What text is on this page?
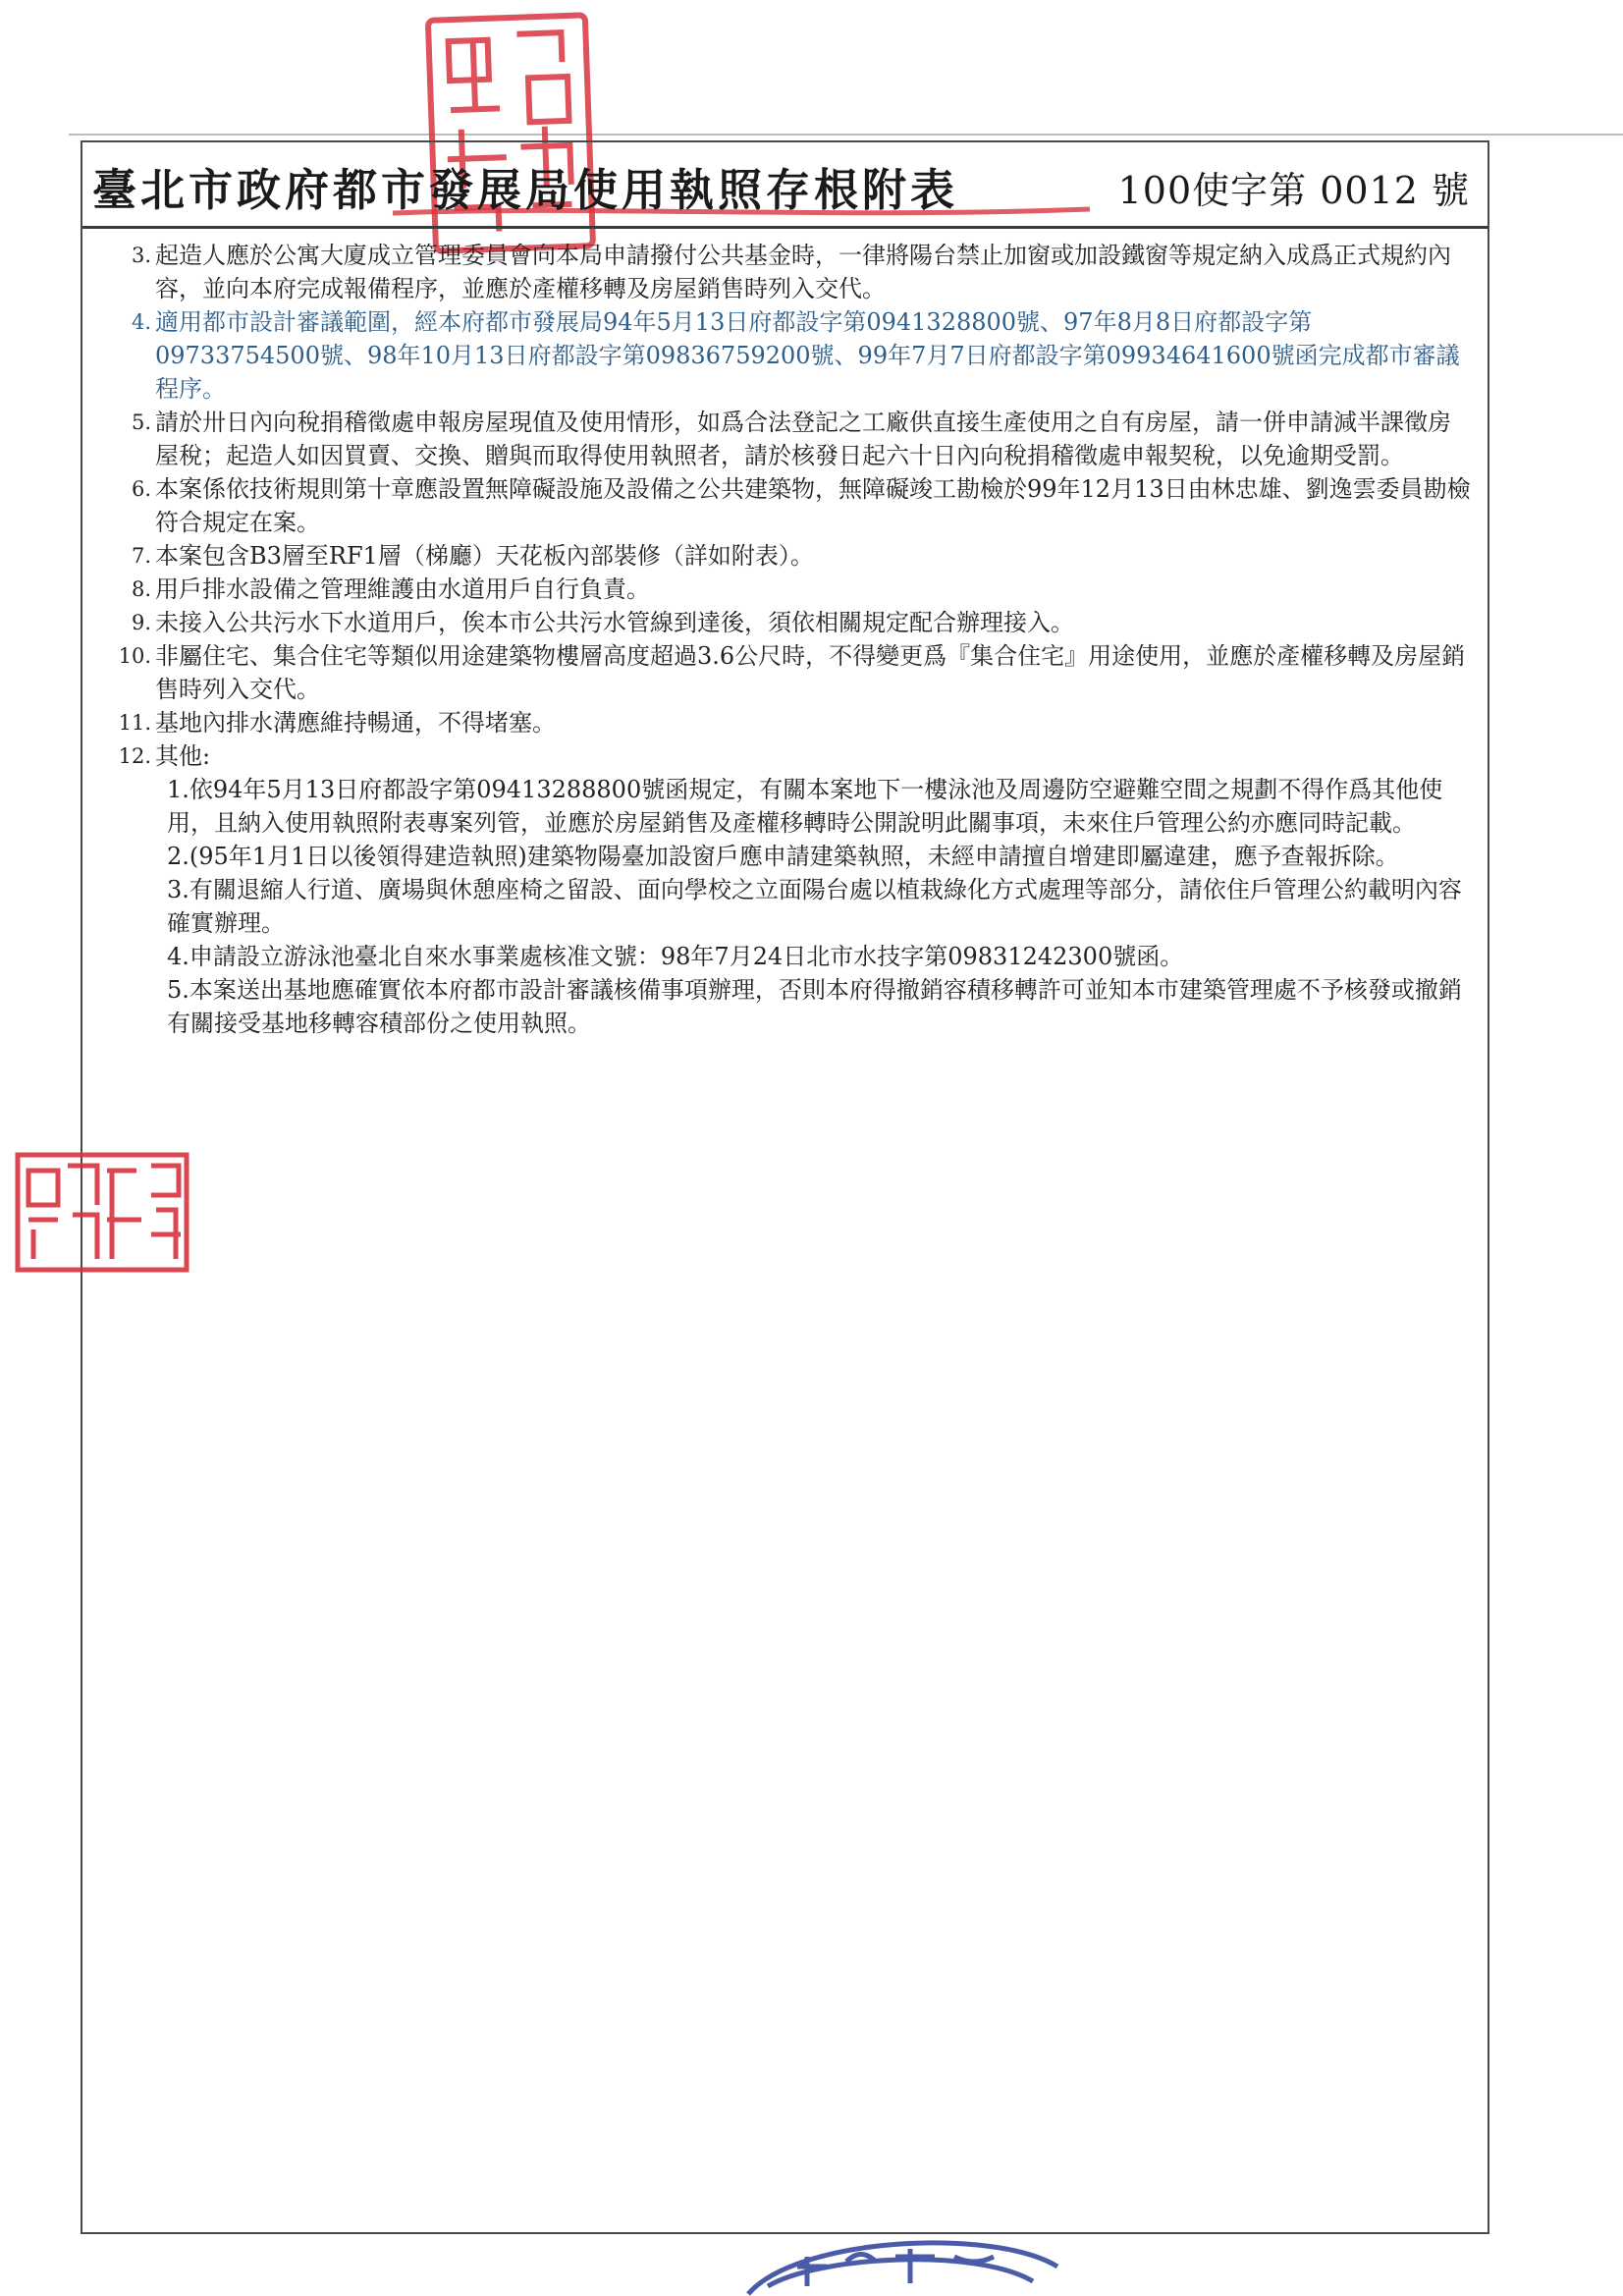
臺北市政府都市發展局使用執照存根附表	100使字第 0012 號
3. 起造人應於公寓大廈成立管理委員會向本局申請撥付公共基金時，一律將陽台禁止加窗或加設鐵窗等規定納入成爲正式規約內容，並向本府完成報備程序，並應於產權移轉及房屋銷售時列入交代。
4. 適用都市設計審議範圍，經本府都市發展局94年5月13日府都設字第0941328800號、97年8月8日府都設字第09733754500號、98年10月13日府都設字第09836759200號、99年7月7日府都設字第09934641600號函完成都市審議程序。
5. 請於卅日內向稅捐稽徵處申報房屋現值及使用情形，如爲合法登記之工廠供直接生產使用之自有房屋，請一併申請減半課徵房屋稅；起造人如因買賣、交換、贈與而取得使用執照者，請於核發日起六十日內向稅捐稽徵處申報契稅，以免逾期受罰。
6. 本案係依技術規則第十章應設置無障礙設施及設備之公共建築物，無障礙竣工勘檢於99年12月13日由林忠雄、劉逸雲委員勘檢符合規定在案。
7. 本案包含B3層至RF1層（梯廳）天花板內部裝修（詳如附表）。
8. 用戶排水設備之管理維護由水道用戶自行負責。
9. 未接入公共污水下水道用戶，俟本市公共污水管線到達後，須依相關規定配合辦理接入。
10. 非屬住宅、集合住宅等類似用途建築物樓層高度超過3.6公尺時，不得變更爲『集合住宅』用途使用，並應於產權移轉及房屋銷售時列入交代。
11. 基地內排水溝應維持暢通，不得堵塞。
12. 其他:

1.依94年5月13日府都設字第09413288800號函規定，有關本案地下一樓泳池及周邊防空避難空間之規劃不得作爲其他使用，且納入使用執照附表專案列管，並應於房屋銷售及產權移轉時公開說明此關事項，未來住戶管理公約亦應同時記載。

2.(95年1月1日以後領得建造執照)建築物陽臺加設窗戶應申請建築執照，未經申請擅自增建即屬違建，應予查報拆除。

3.有關退縮人行道、廣場與休憩座椅之留設、面向學校之立面陽台處以植栽綠化方式處理等部分，請依住戶管理公約載明內容確實辦理。

4.申請設立游泳池臺北自來水事業處核准文號：98年7月24日北市水技字第09831242300號函。

5.本案送出基地應確實依本府都市設計審議核備事項辦理，否則本府得撤銷容積移轉許可並知本市建築管理處不予核發或撤銷有關接受基地移轉容積部份之使用執照。
